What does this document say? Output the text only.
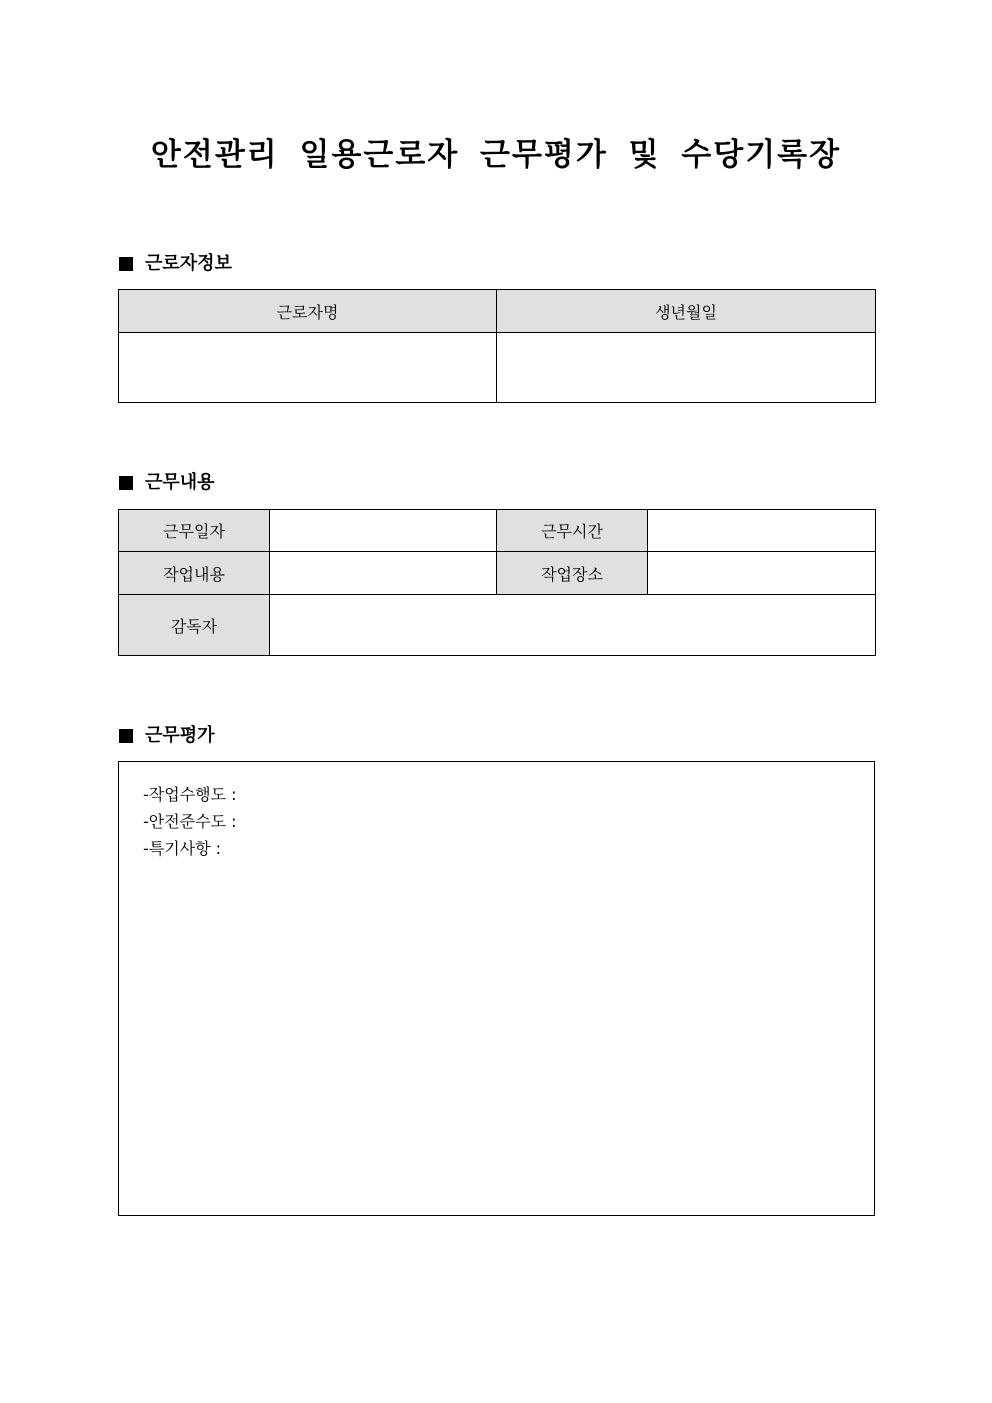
안전관리 일용근로자 근무평가 및 수당기록장
근로자정보
근로자명	생년월일

근무내용
근무일자		근무시간	
작업내용		작업장소	
감독자			
근무평가
-작업수행도 :
-안전준수도 :
-특기사항 :
